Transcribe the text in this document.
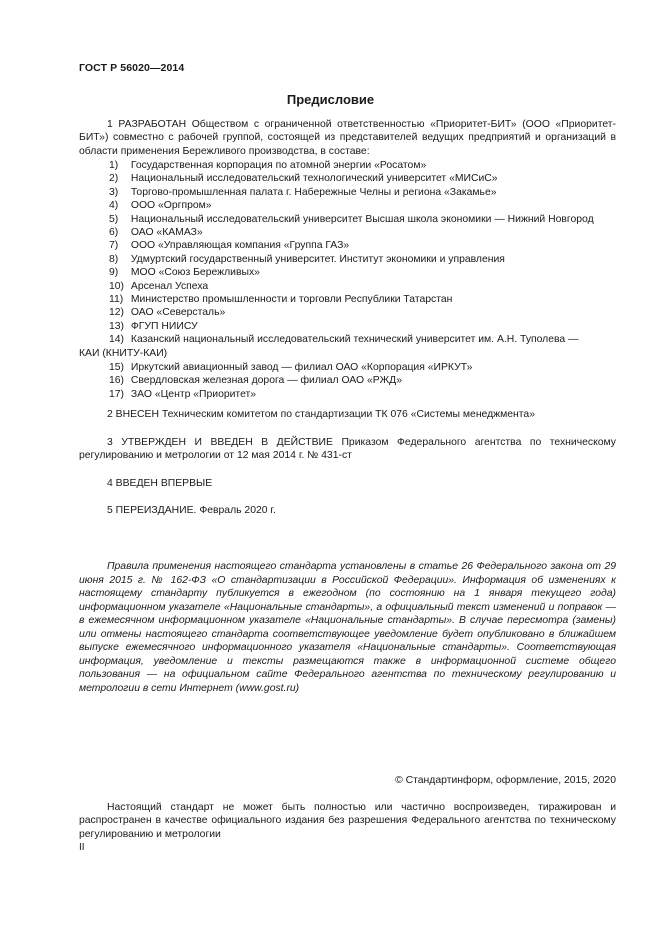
ГОСТ Р 56020—2014
Предисловие
1 РАЗРАБОТАН Обществом с ограниченной ответственностью «Приоритет-БИТ» (ООО «Приоритет-БИТ») совместно с рабочей группой, состоящей из представителей ведущих предприятий и организаций в области применения Бережливого производства, в составе:
1) Государственная корпорация по атомной энергии «Росатом»
2) Национальный исследовательский технологический университет «МИСиС»
3) Торгово-промышленная палата г. Набережные Челны и региона «Закамье»
4) ООО «Оргпром»
5) Национальный исследовательский университет Высшая школа экономики — Нижний Новгород
6) ОАО «КАМАЗ»
7) ООО «Управляющая компания «Группа ГАЗ»
8) Удмуртский государственный университет. Институт экономики и управления
9) МОО «Союз Бережливых»
10) Арсенал Успеха
11) Министерство промышленности и торговли Республики Татарстан
12) ОАО «Северсталь»
13) ФГУП НИИСУ
14) Казанский национальный исследовательский технический университет им. А.Н. Туполева —
КАИ (КНИТУ-КАИ)
15) Иркутский авиационный завод — филиал ОАО «Корпорация «ИРКУТ»
16) Свердловская железная дорога — филиал ОАО «РЖД»
17) ЗАО «Центр «Приоритет»
2 ВНЕСЕН Техническим комитетом по стандартизации ТК 076 «Системы менеджмента»
3 УТВЕРЖДЕН И ВВЕДЕН В ДЕЙСТВИЕ Приказом Федерального агентства по техническому регулированию и метрологии от 12 мая 2014 г. № 431-ст
4 ВВЕДЕН ВПЕРВЫЕ
5 ПЕРЕИЗДАНИЕ. Февраль 2020 г.
Правила применения настоящего стандарта установлены в статье 26 Федерального закона от 29 июня 2015 г. № 162-ФЗ «О стандартизации в Российской Федерации». Информация об изменениях к настоящему стандарту публикуется в ежегодном (по состоянию на 1 января текущего года) информационном указателе «Национальные стандарты», а официальный текст изменений и поправок — в ежемесячном информационном указателе «Национальные стандарты». В случае пересмотра (замены) или отмены настоящего стандарта соответствующее уведомление будет опубликовано в ближайшем выпуске ежемесячного информационного указателя «Национальные стандарты». Соответствующая информация, уведомление и тексты размещаются также в информационной системе общего пользования — на официальном сайте Федерального агентства по техническому регулированию и метрологии в сети Интернет (www.gost.ru)
© Стандартинформ, оформление, 2015, 2020
Настоящий стандарт не может быть полностью или частично воспроизведен, тиражирован и распространен в качестве официального издания без разрешения Федерального агентства по техническому регулированию и метрологии
II
